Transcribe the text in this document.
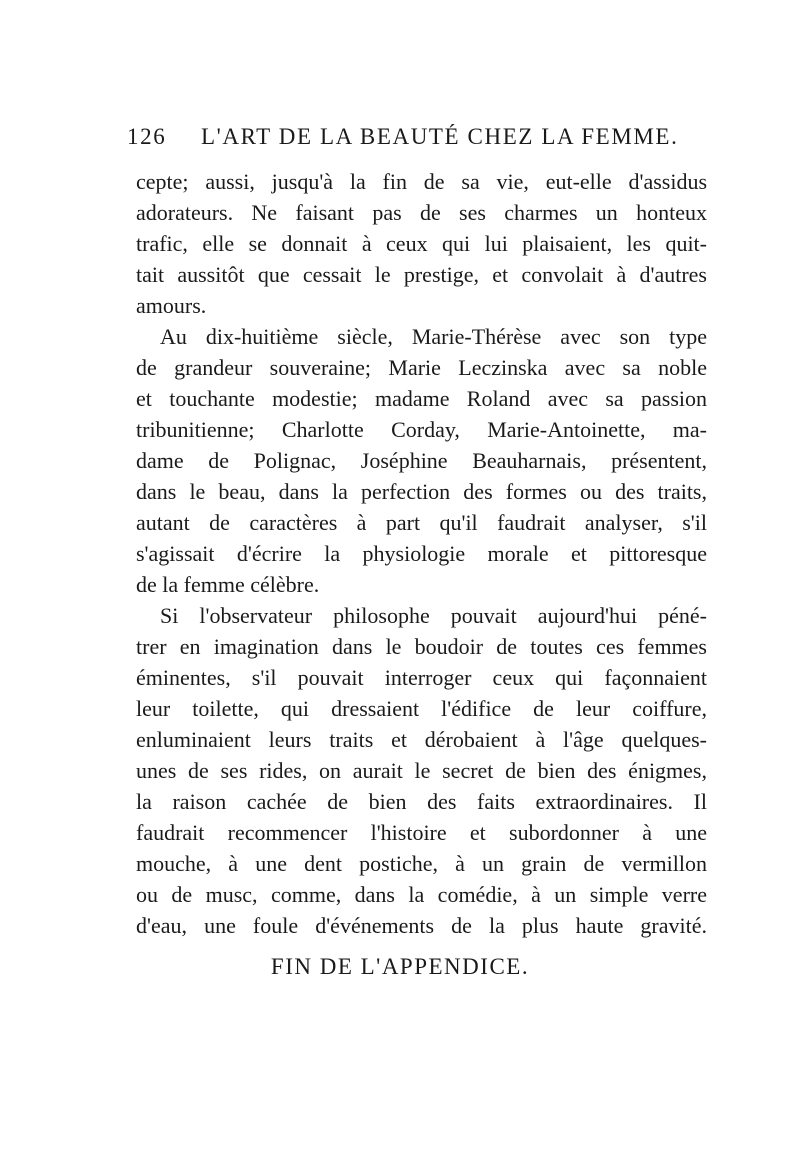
126 L'ART DE LA BEAUTÉ CHEZ LA FEMME.
cepte; aussi, jusqu'à la fin de sa vie, eut-elle d'assidus
adorateurs. Ne faisant pas de ses charmes un honteux
trafic, elle se donnait à ceux qui lui plaisaient, les quit-
tait aussitôt que cessait le prestige, et convolait à d'autres
amours.
Au dix-huitième siècle, Marie-Thérèse avec son type
de grandeur souveraine; Marie Leczinska avec sa noble
et touchante modestie; madame Roland avec sa passion
tribunitienne; Charlotte Corday, Marie-Antoinette, ma-
dame de Polignac, Joséphine Beauharnais, présentent,
dans le beau, dans la perfection des formes ou des traits,
autant de caractères à part qu'il faudrait analyser, s'il
s'agissait d'écrire la physiologie morale et pittoresque
de la femme célèbre.
Si l'observateur philosophe pouvait aujourd'hui péné-
trer en imagination dans le boudoir de toutes ces femmes
éminentes, s'il pouvait interroger ceux qui façonnaient
leur toilette, qui dressaient l'édifice de leur coiffure,
enluminaient leurs traits et dérobaient à l'âge quelques-
unes de ses rides, on aurait le secret de bien des énigmes,
la raison cachée de bien des faits extraordinaires. Il
faudrait recommencer l'histoire et subordonner à une
mouche, à une dent postiche, à un grain de vermillon
ou de musc, comme, dans la comédie, à un simple verre
d'eau, une foule d'événements de la plus haute gravité.
FIN DE L'APPENDICE.
